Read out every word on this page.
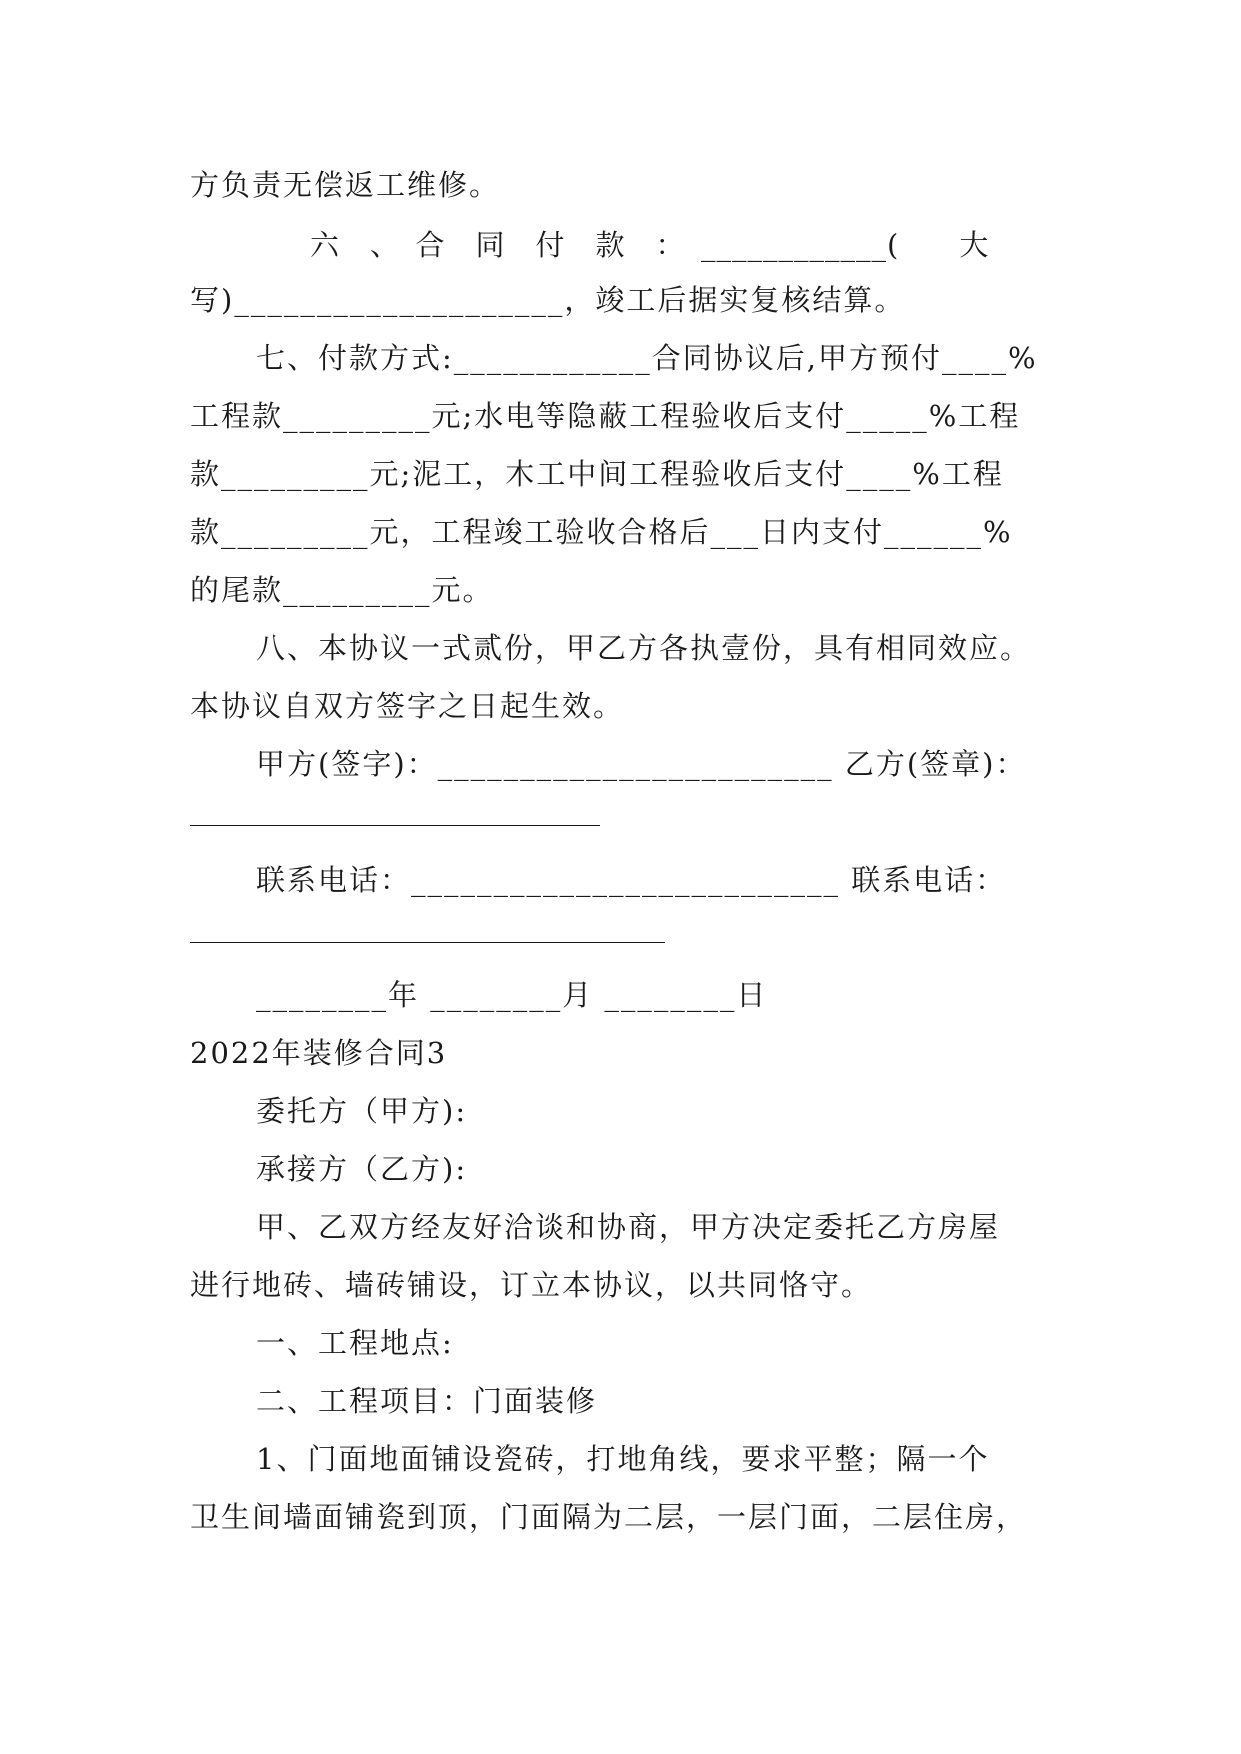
方负责无偿返工维修。
六　、　合　同　付　款　：　____________(　　大
写)____________________，竣工后据实复核结算。
七、付款方式:____________合同协议后,甲方预付____%
工程款_________元;水电等隐蔽工程验收后支付_____%工程
款_________元;泥工，木工中间工程验收后支付____%工程
款_________元，工程竣工验收合格后___日内支付______%
的尾款_________元。
八、本协议一式贰份，甲乙方各执壹份，具有相同效应。
本协议自双方签字之日起生效。
甲方(签字)：________________________ 乙方(签章)：
联系电话：__________________________ 联系电话：
________年 ________月 ________日
2022年装修合同3
委托方（甲方):
承接方（乙方):
甲、乙双方经友好洽谈和协商，甲方决定委托乙方房屋
进行地砖、墙砖铺设，订立本协议，以共同恪守。
一、工程地点:
二、工程项目：门面装修
1、门面地面铺设瓷砖，打地角线，要求平整；隔一个
卫生间墙面铺瓷到顶，门面隔为二层，一层门面，二层住房，
